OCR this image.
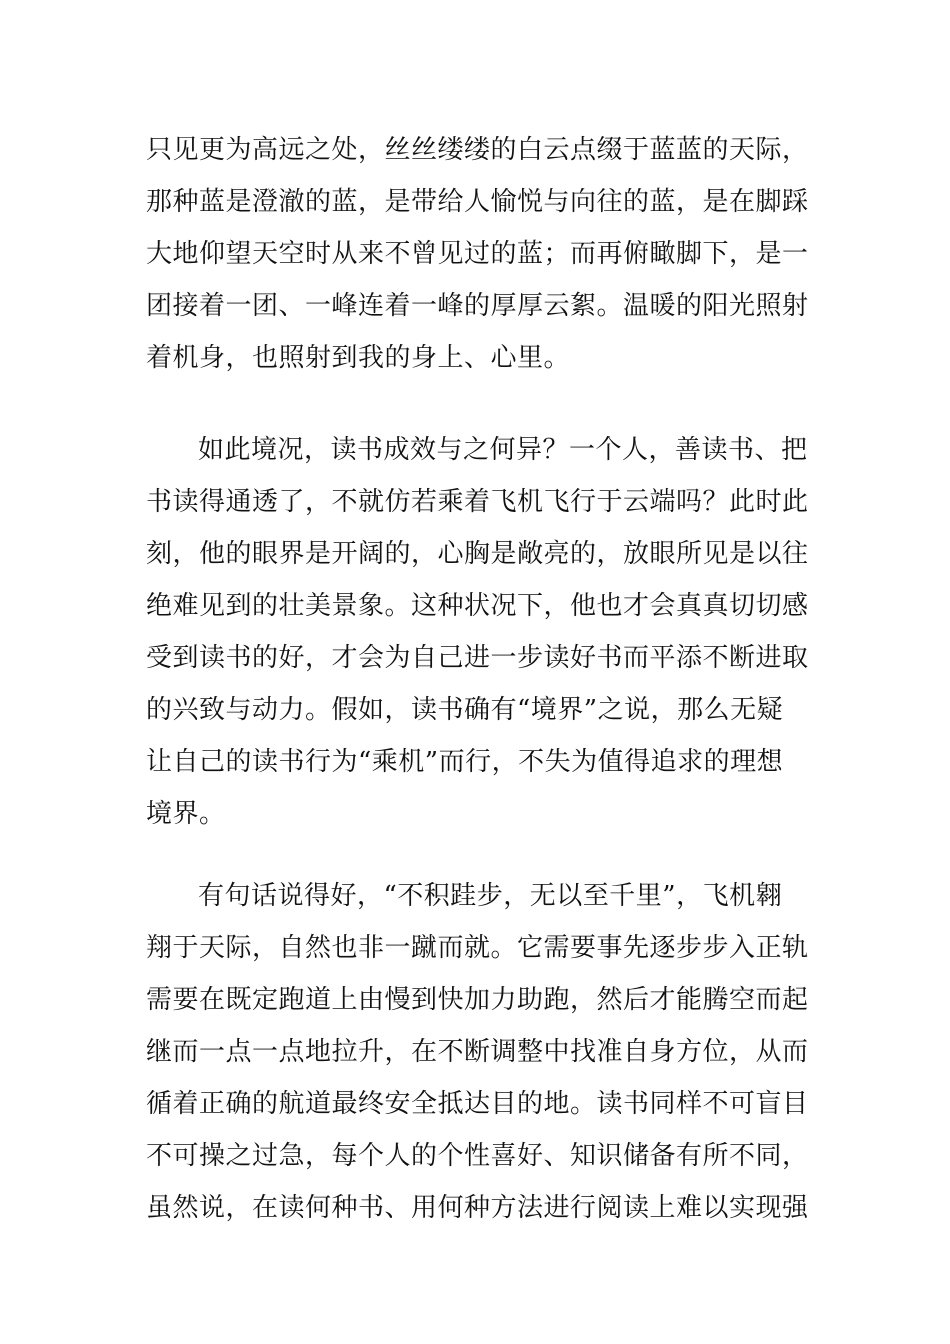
只见更为高远之处，丝丝缕缕的白云点缀于蓝蓝的天际，
那种蓝是澄澈的蓝，是带给人愉悦与向往的蓝，是在脚踩
大地仰望天空时从来不曾见过的蓝；而再俯瞰脚下，是一
团接着一团、一峰连着一峰的厚厚云絮。温暖的阳光照射
着机身，也照射到我的身上、心里。
如此境况，读书成效与之何异？一个人，善读书、把
书读得通透了，不就仿若乘着飞机飞行于云端吗？此时此
刻，他的眼界是开阔的，心胸是敞亮的，放眼所见是以往
绝难见到的壮美景象。这种状况下，他也才会真真切切感
受到读书的好，才会为自己进一步读好书而平添不断进取
的兴致与动力。假如，读书确有“境界”之说，那么无疑
让自己的读书行为“乘机”而行，不失为值得追求的理想
境界。
有句话说得好，“不积跬步，无以至千里”，飞机翱
翔于天际，自然也非一蹴而就。它需要事先逐步步入正轨
需要在既定跑道上由慢到快加力助跑，然后才能腾空而起
继而一点一点地拉升，在不断调整中找准自身方位，从而
循着正确的航道最终安全抵达目的地。读书同样不可盲目
不可操之过急，每个人的个性喜好、知识储备有所不同，
虽然说，在读何种书、用何种方法进行阅读上难以实现强
